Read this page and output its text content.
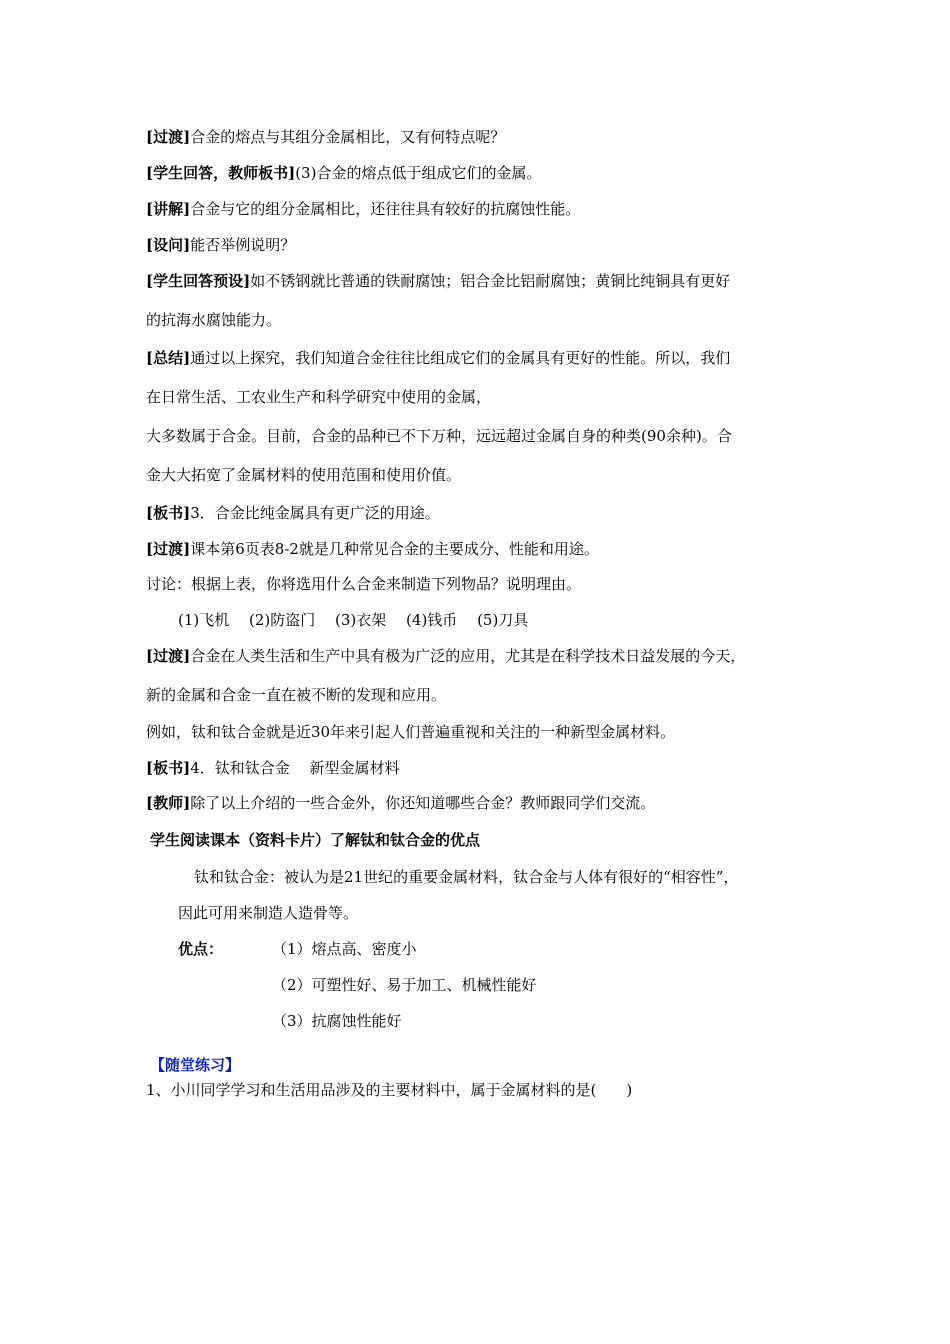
[过渡]合金的熔点与其组分金属相比，又有何特点呢？
[学生回答，教师板书](3)合金的熔点低于组成它们的金属。
[讲解]合金与它的组分金属相比，还往往具有较好的抗腐蚀性能。
[设问]能否举例说明？
[学生回答预设]如不锈钢就比普通的铁耐腐蚀；铝合金比铝耐腐蚀；黄铜比纯铜具有更好
的抗海水腐蚀能力。
[总结]通过以上探究，我们知道合金往往比组成它们的金属具有更好的性能。所以，我们
在日常生活、工农业生产和科学研究中使用的金属，
大多数属于合金。目前，合金的品种已不下万种，远远超过金属自身的种类(90余种)。合
金大大拓宽了金属材料的使用范围和使用价值。
[板书]3．合金比纯金属具有更广泛的用途。
[过渡]课本第6页表8-2就是几种常见合金的主要成分、性能和用途。
讨论：根据上表，你将选用什么合金来制造下列物品？说明理由。
(1)飞机　 (2)防盗门　 (3)衣架　 (4)钱币　 (5)刀具
[过渡]合金在人类生活和生产中具有极为广泛的应用，尤其是在科学技术日益发展的今天，
新的金属和合金一直在被不断的发现和应用。
例如，钛和钛合金就是近30年来引起人们普遍重视和关注的一种新型金属材料。
[板书]4．钛和钛合金　 新型金属材料
[教师]除了以上介绍的一些合金外，你还知道哪些合金？教师跟同学们交流。
学生阅读课本（资料卡片）了解钛和钛合金的优点
钛和钛合金：被认为是21世纪的重要金属材料，钛合金与人体有很好的“相容性”，
因此可用来制造人造骨等。
优点：	（1）熔点高、密度小
（2）可塑性好、易于加工、机械性能好
（3）抗腐蚀性能好
【随堂练习】
1、小川同学学习和生活用品涉及的主要材料中，属于金属材料的是(　　)
